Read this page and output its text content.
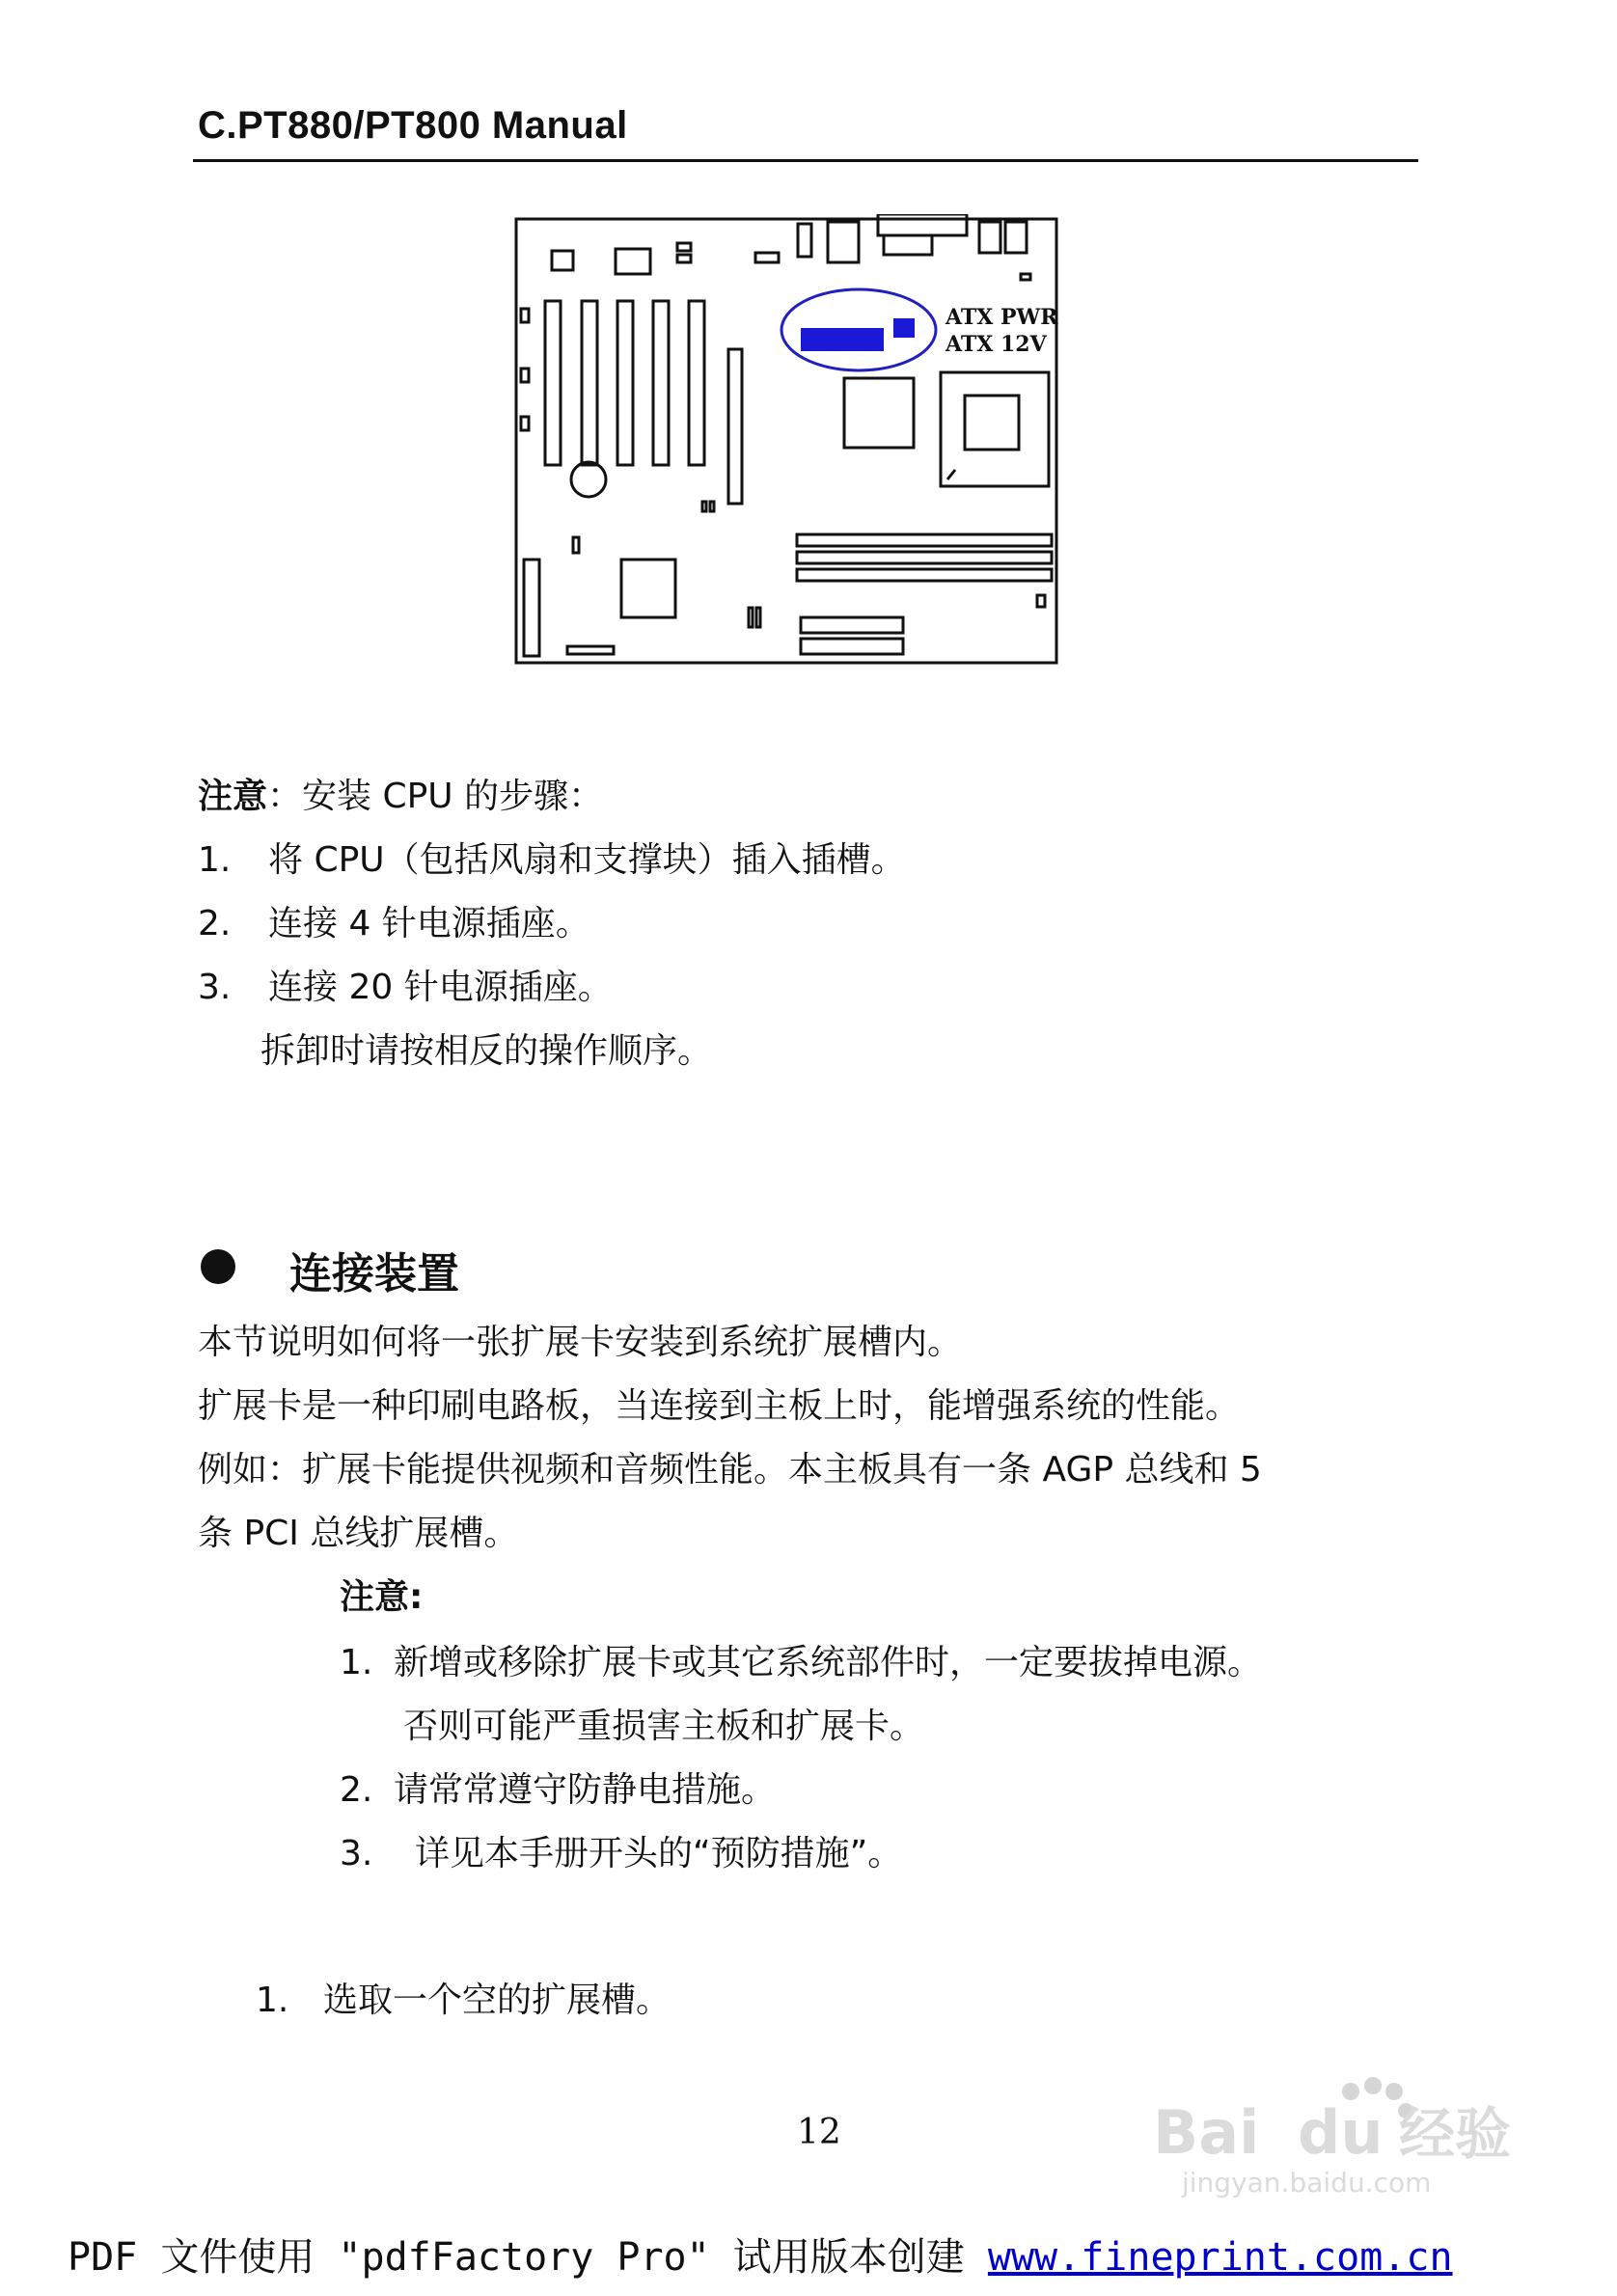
C.PT880/PT800 Manual
ATX PWR
ATX 12V
注意：安装 CPU 的步骤：
1. 将 CPU（包括风扇和支撑块）插入插槽。
2. 连接 4 针电源插座。
3. 连接 20 针电源插座。
拆卸时请按相反的操作顺序。
连接装置
本节说明如何将一张扩展卡安装到系统扩展槽内。
扩展卡是一种印刷电路板，当连接到主板上时，能增强系统的性能。
例如：扩展卡能提供视频和音频性能。本主板具有一条 AGP 总线和 5
条 PCI 总线扩展槽。
注意:
1. 新增或移除扩展卡或其它系统部件时，一定要拔掉电源。
否则可能严重损害主板和扩展卡。
2. 请常常遵守防静电措施。
3. 详见本手册开头的“预防措施”。
1. 选取一个空的扩展槽。
12	Bai du 经验
jingyan.baidu.com
PDF 文件使用 "pdfFactory Pro" 试用版本创建 www.fineprint.com.cn
